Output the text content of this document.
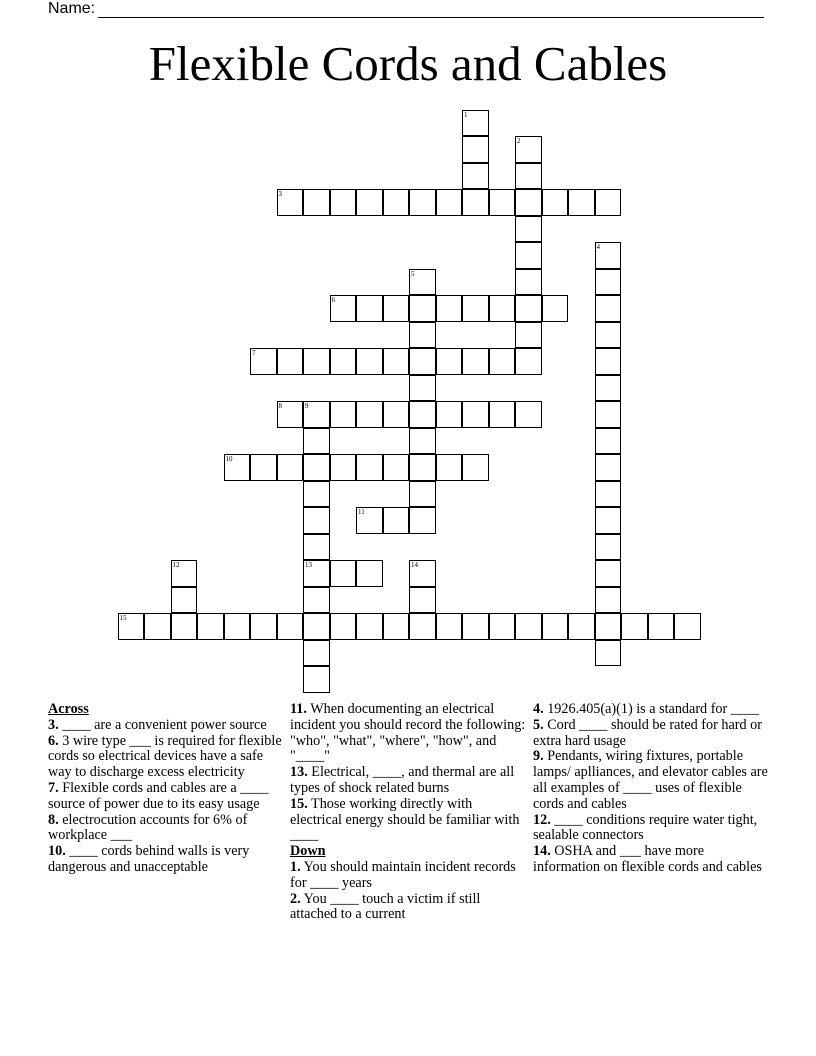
Name:
Flexible Cords and Cables
3
6
7
8	9
10
11
13
15
1
2
4
5
12	14
Across

3. ____ are a convenient power source

6. 3 wire type ___ is required for flexible cords so electrical devices have a safe way to discharge excess electricity

7. Flexible cords and cables are a ____ source of power due to its easy usage

8. electrocution accounts for 6% of workplace ___

10. ____ cords behind walls is very dangerous and unacceptable

11. When documenting an electrical incident you should record the following: "who", "what", "where", "how", and "____"

13. Electrical, ____, and thermal are all types of shock related burns

15. Those working directly with electrical energy should be familiar with ____

Down

1. You should maintain incident records for ____ years

2. You ____ touch a victim if still attached to a current

4. 1926.405(a)(1) is a standard for ____

5. Cord ____ should be rated for hard or extra hard usage

9. Pendants, wiring fixtures, portable lamps/ aplliances, and elevator cables are all examples of ____ uses of flexible cords and cables

12. ____ conditions require water tight, sealable connectors

14. OSHA and ___ have more information on flexible cords and cables
